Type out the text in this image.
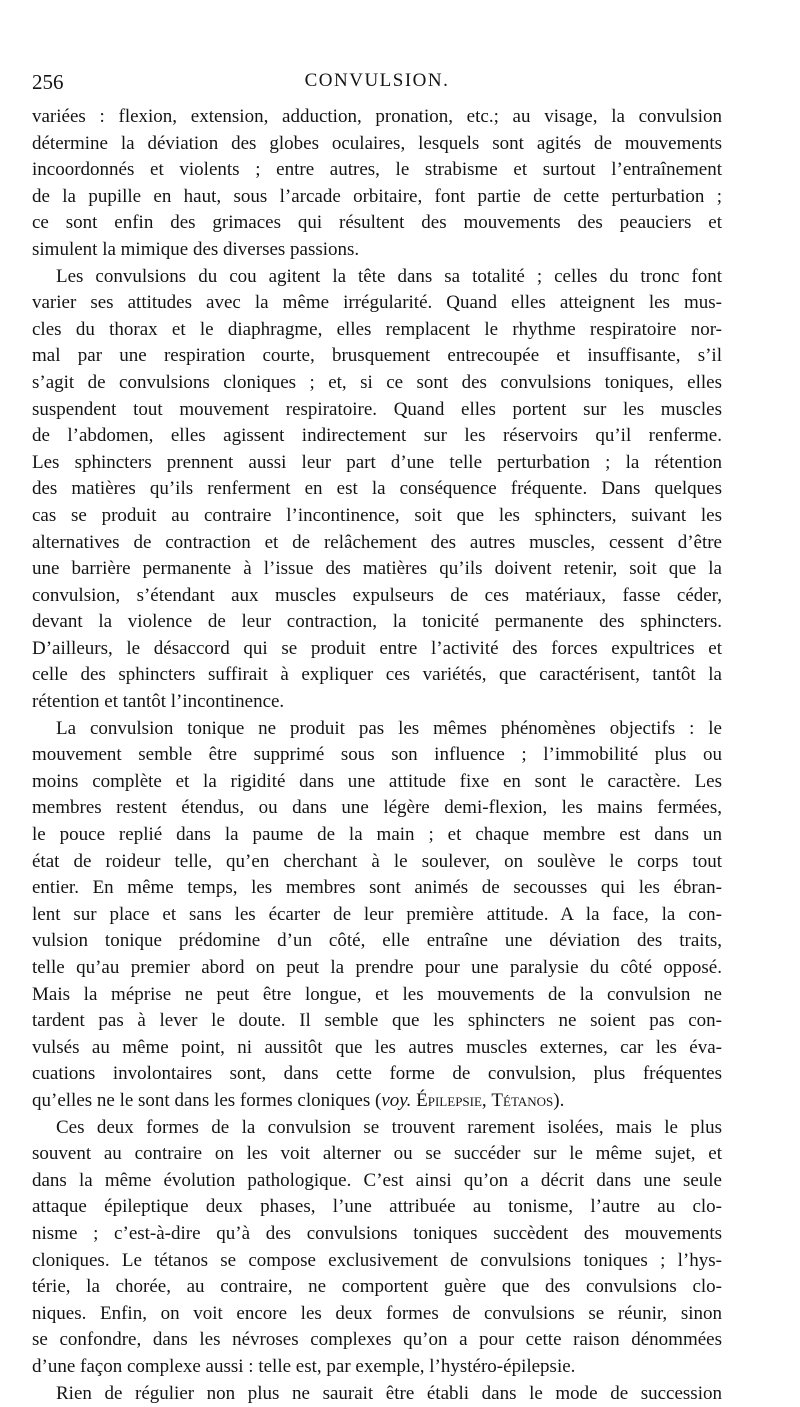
256	CONVULSION.
variées : flexion, extension, adduction, pronation, etc.; au visage, la convulsion
détermine la déviation des globes oculaires, lesquels sont agités de mouvements
incoordonnés et violents ; entre autres, le strabisme et surtout l’entraînement
de la pupille en haut, sous l’arcade orbitaire, font partie de cette perturbation ;
ce sont enfin des grimaces qui résultent des mouvements des peauciers et
simulent la mimique des diverses passions.
Les convulsions du cou agitent la tête dans sa totalité ; celles du tronc font
varier ses attitudes avec la même irrégularité. Quand elles atteignent les mus-
cles du thorax et le diaphragme, elles remplacent le rhythme respiratoire nor-
mal par une respiration courte, brusquement entrecoupée et insuffisante, s’il
s’agit de convulsions cloniques ; et, si ce sont des convulsions toniques, elles
suspendent tout mouvement respiratoire. Quand elles portent sur les muscles
de l’abdomen, elles agissent indirectement sur les réservoirs qu’il renferme.
Les sphincters prennent aussi leur part d’une telle perturbation ; la rétention
des matières qu’ils renferment en est la conséquence fréquente. Dans quelques
cas se produit au contraire l’incontinence, soit que les sphincters, suivant les
alternatives de contraction et de relâchement des autres muscles, cessent d’être
une barrière permanente à l’issue des matières qu’ils doivent retenir, soit que la
convulsion, s’étendant aux muscles expulseurs de ces matériaux, fasse céder,
devant la violence de leur contraction, la tonicité permanente des sphincters.
D’ailleurs, le désaccord qui se produit entre l’activité des forces expultrices et
celle des sphincters suffirait à expliquer ces variétés, que caractérisent, tantôt la
rétention et tantôt l’incontinence.
La convulsion tonique ne produit pas les mêmes phénomènes objectifs : le
mouvement semble être supprimé sous son influence ; l’immobilité plus ou
moins complète et la rigidité dans une attitude fixe en sont le caractère. Les
membres restent étendus, ou dans une légère demi-flexion, les mains fermées,
le pouce replié dans la paume de la main ; et chaque membre est dans un
état de roideur telle, qu’en cherchant à le soulever, on soulève le corps tout
entier. En même temps, les membres sont animés de secousses qui les ébran-
lent sur place et sans les écarter de leur première attitude. A la face, la con-
vulsion tonique prédomine d’un côté, elle entraîne une déviation des traits,
telle qu’au premier abord on peut la prendre pour une paralysie du côté opposé.
Mais la méprise ne peut être longue, et les mouvements de la convulsion ne
tardent pas à lever le doute. Il semble que les sphincters ne soient pas con-
vulsés au même point, ni aussitôt que les autres muscles externes, car les éva-
cuations involontaires sont, dans cette forme de convulsion, plus fréquentes
qu’elles ne le sont dans les formes cloniques (voy. Épilepsie, Tétanos).
Ces deux formes de la convulsion se trouvent rarement isolées, mais le plus
souvent au contraire on les voit alterner ou se succéder sur le même sujet, et
dans la même évolution pathologique. C’est ainsi qu’on a décrit dans une seule
attaque épileptique deux phases, l’une attribuée au tonisme, l’autre au clo-
nisme ; c’est-à-dire qu’à des convulsions toniques succèdent des mouvements
cloniques. Le tétanos se compose exclusivement de convulsions toniques ; l’hys-
térie, la chorée, au contraire, ne comportent guère que des convulsions clo-
niques. Enfin, on voit encore les deux formes de convulsions se réunir, sinon
se confondre, dans les névroses complexes qu’on a pour cette raison dénommées
d’une façon complexe aussi : telle est, par exemple, l’hystéro-épilepsie.
Rien de régulier non plus ne saurait être établi dans le mode de succession
